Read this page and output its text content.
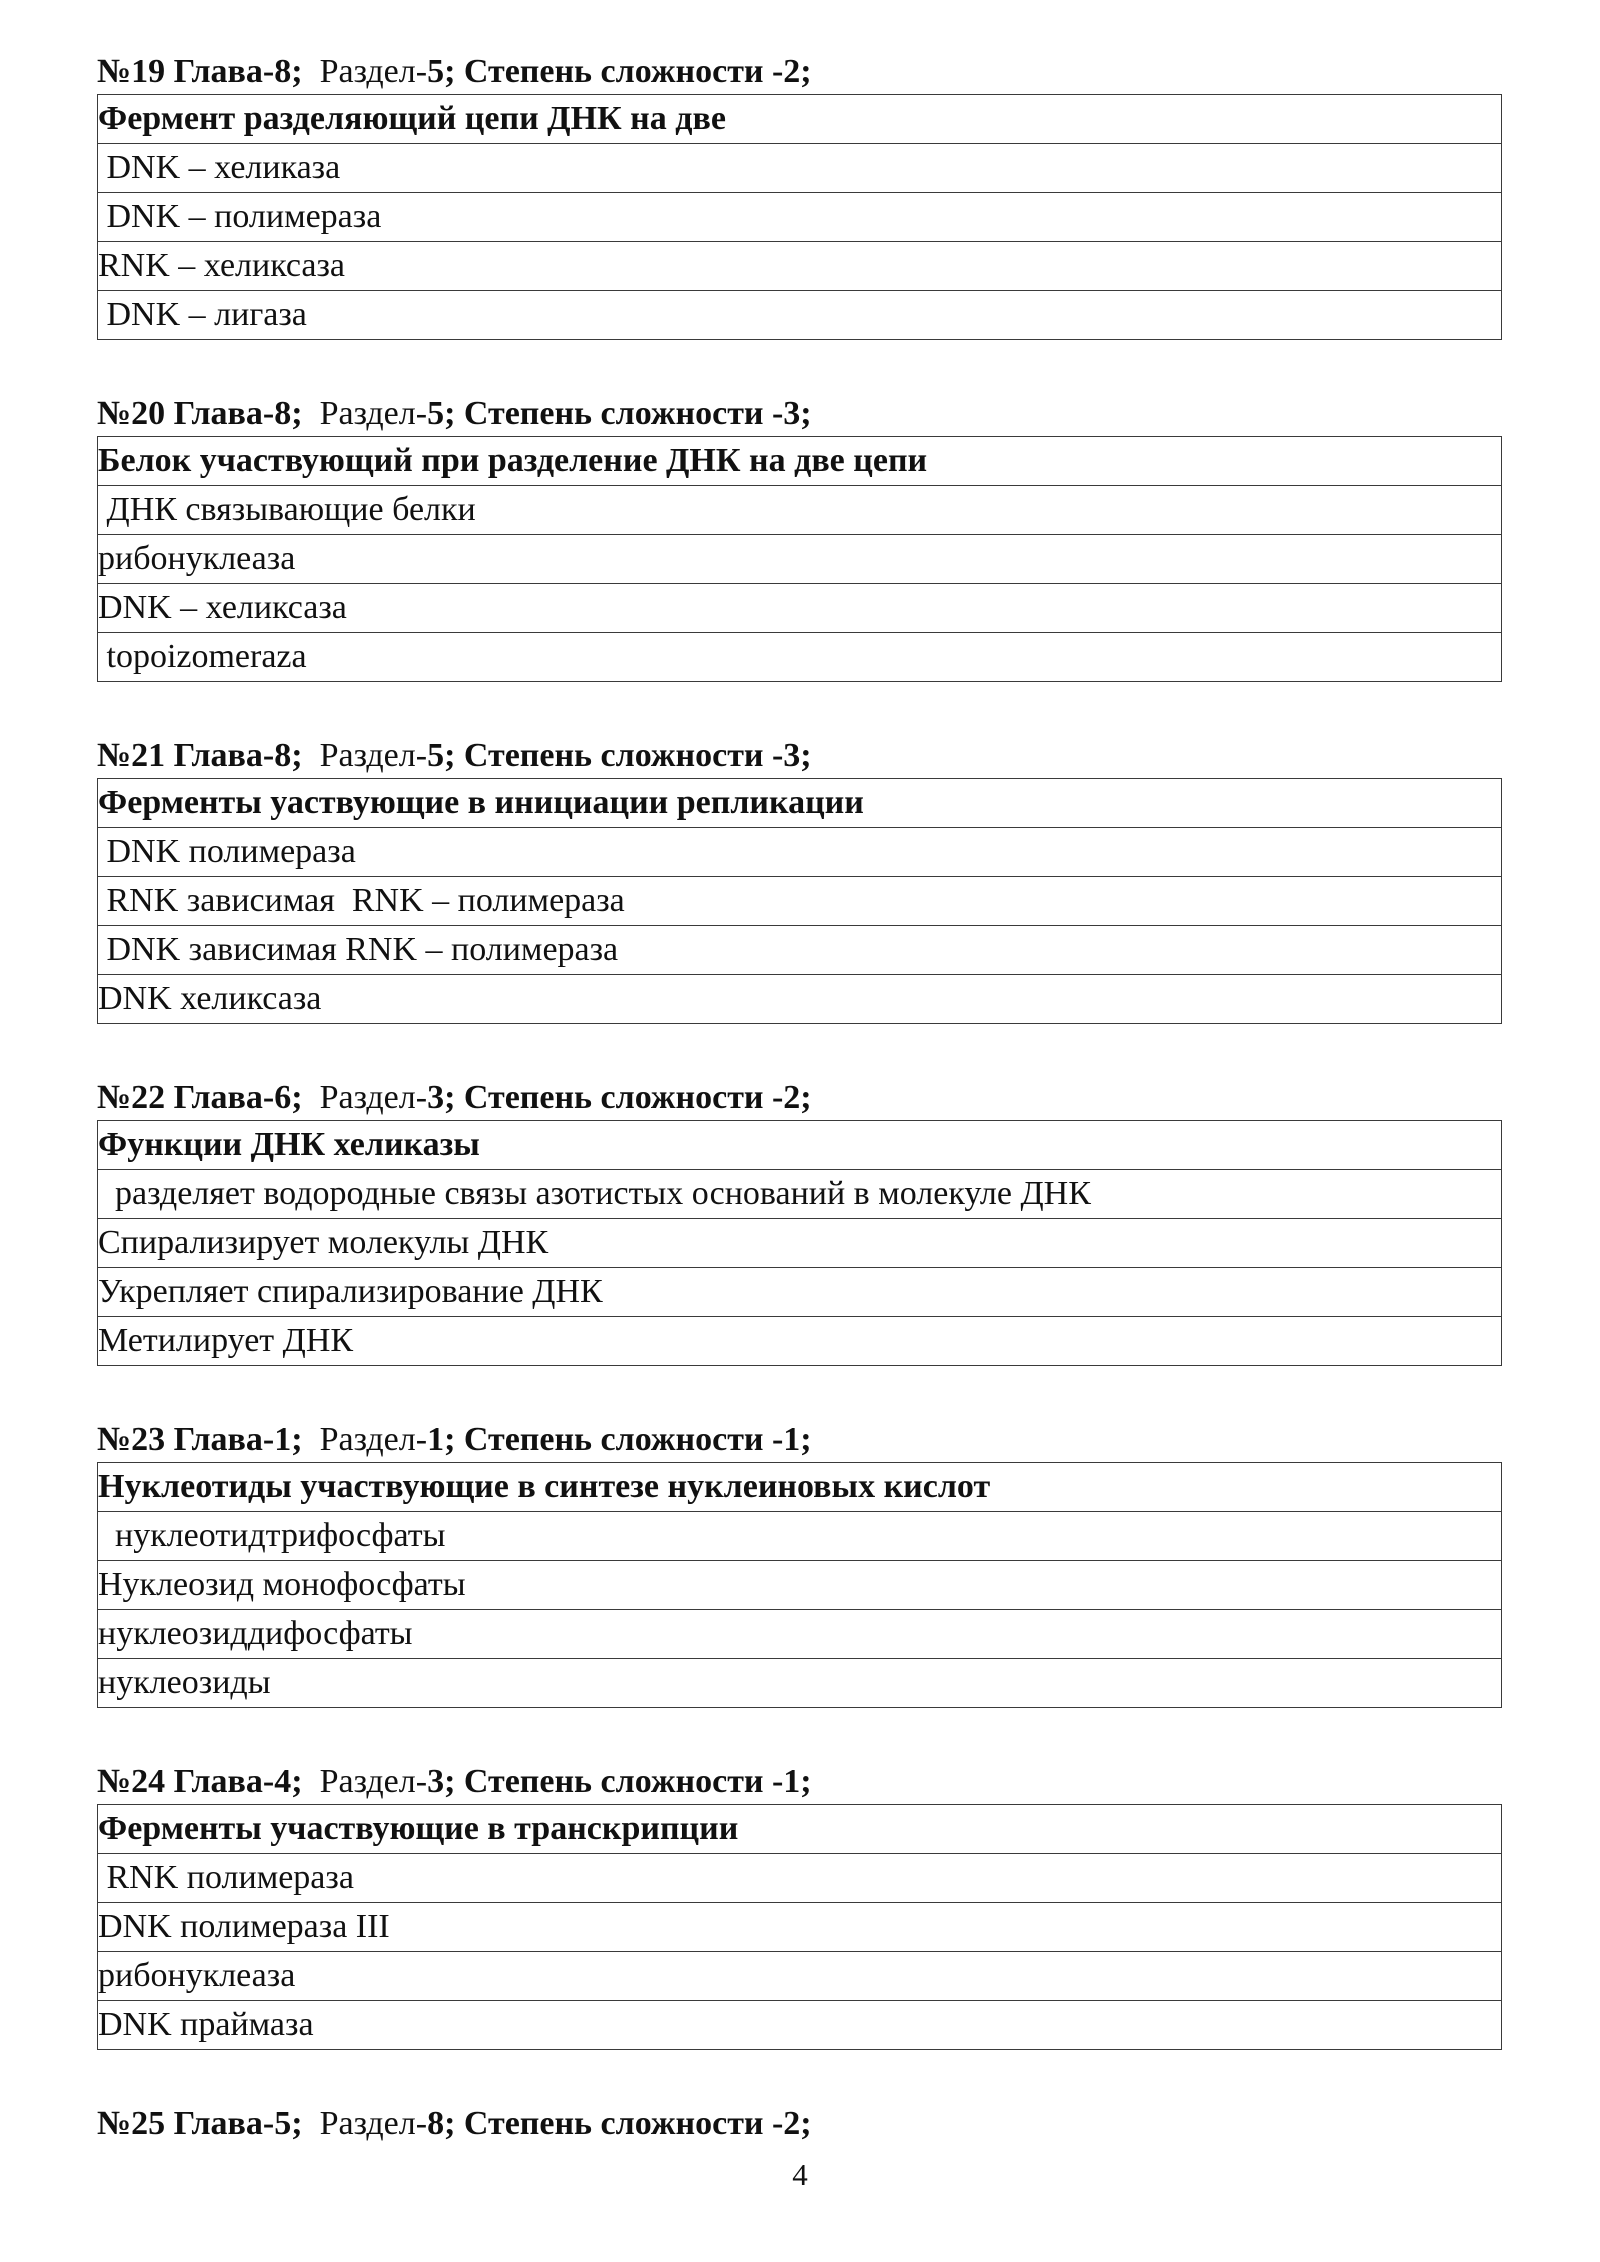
№19 Глава-8; Раздел-5; Степень сложности -2;
Фермент разделяющий цепи ДНК на две
DNK – хеликаза
DNK – полимераза
RNK – хеликсаза
DNK – лигаза
№20 Глава-8; Раздел-5; Степень сложности -3;
Белок участвующий при разделение ДНК на две цепи
ДНК связывающие белки
рибонуклеаза
DNK – хеликсаза
topoizomeraza
№21 Глава-8; Раздел-5; Степень сложности -3;
Ферменты уаствующие в инициации репликации
DNK полимераза
RNK зависимая  RNK – полимераза
DNK зависимая RNK – полимераза
DNK хеликсаза
№22 Глава-6; Раздел-3; Степень сложности -2;
Функции ДНК хеликазы
разделяет водородные связы азотистых оснований в молекуле ДНК
Спирализирует молекулы ДНК
Укрепляет спирализирование ДНК
Метилирует ДНК
№23 Глава-1; Раздел-1; Степень сложности -1;
Нуклеотиды участвующие в синтезе нуклеиновых кислот
нуклеотидтрифосфаты
Нуклеозид монофосфаты
нуклеозиддифосфаты
нуклеозиды
№24 Глава-4; Раздел-3; Степень сложности -1;
Ферменты участвующие в транскрипции
RNK полимераза
DNK полимераза III
рибонуклеаза
DNK праймаза
№25 Глава-5; Раздел-8; Степень сложности -2;
4
